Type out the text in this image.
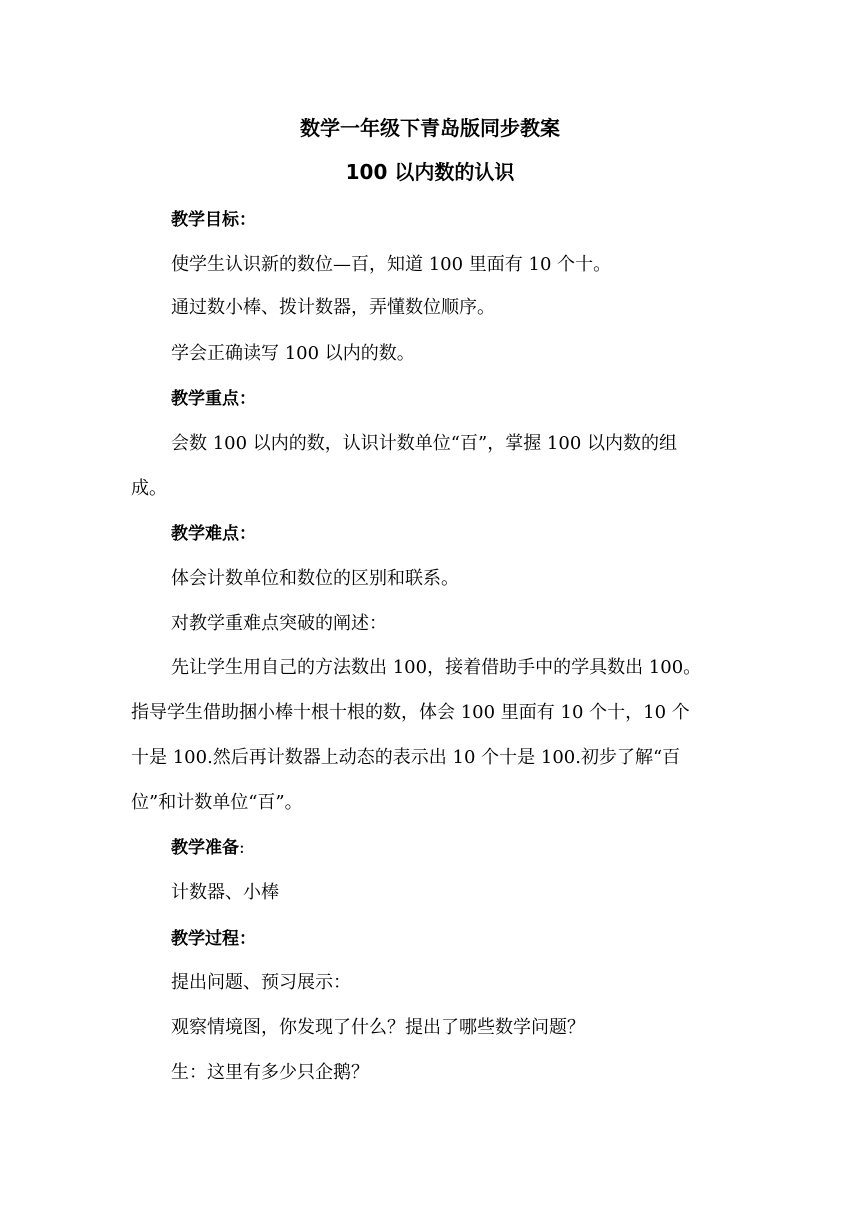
数学一年级下青岛版同步教案
100 以内数的认识
教学目标：
使学生认识新的数位—百，知道 100 里面有 10 个十。
通过数小棒、拨计数器，弄懂数位顺序。
学会正确读写 100 以内的数。
教学重点：
会数 100 以内的数，认识计数单位“百”，掌握 100 以内数的组
成。
教学难点：
体会计数单位和数位的区别和联系。
对教学重难点突破的阐述：
先让学生用自己的方法数出 100，接着借助手中的学具数出 100。
指导学生借助捆小棒十根十根的数，体会 100 里面有 10 个十，10 个
十是 100.然后再计数器上动态的表示出 10 个十是 100.初步了解“百
位”和计数单位“百”。
教学准备:
计数器、小棒
教学过程：
提出问题、预习展示：
观察情境图，你发现了什么？提出了哪些数学问题？
生：这里有多少只企鹅？
